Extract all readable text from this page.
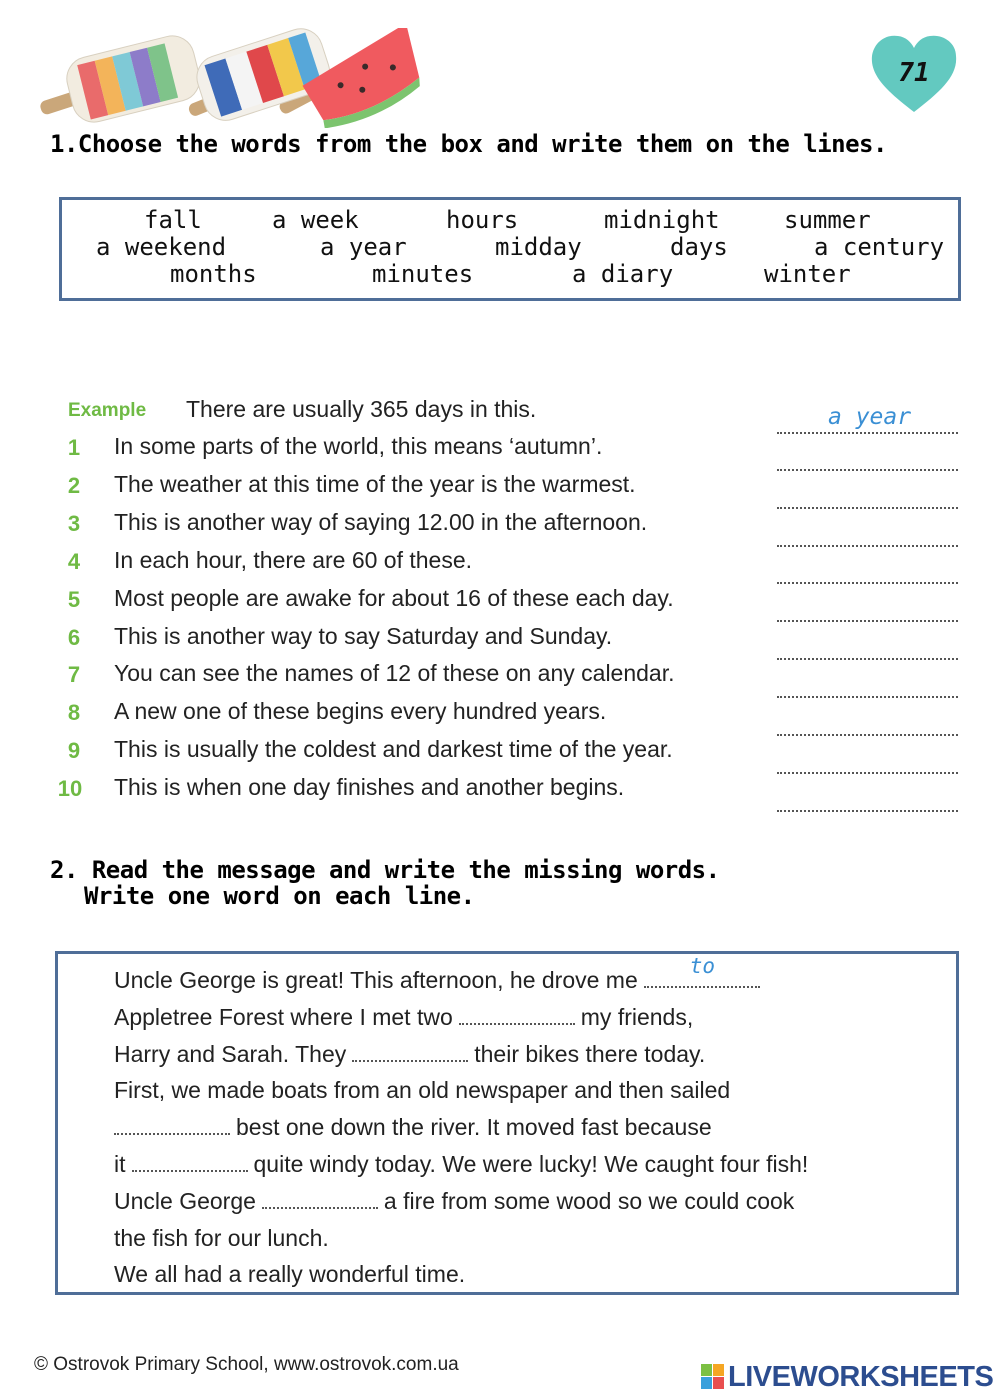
71
1.Choose the words from the box and write them on the lines.
fall	a week	hours	midnight	summer
a weekend	a year	midday	days	a century
months	minutes	a diary	winter
Example There are usually 365 days in this.	a year
1	In some parts of the world, this means ‘autumn’.
2	The weather at this time of the year is the warmest.
3	This is another way of saying 12.00 in the afternoon.
4	In each hour, there are 60 of these.
5	Most people are awake for about 16 of these each day.
6	This is another way to say Saturday and Sunday.
7	You can see the names of 12 of these on any calendar.
8	A new one of these begins every hundred years.
9	This is usually the coldest and darkest time of the year.
10	This is when one day finishes and another begins.
2. Read the message and write the missing words.
Write one word on each line.
Uncle George is great! This afternoon, he drove me
to
Appletree Forest where I met two	my friends,
Harry and Sarah. They	their bikes there today.
First, we made boats from an old newspaper and then sailed
best one down the river. It moved fast because
it	quite windy today. We were lucky! We caught four fish!
Uncle George	a fire from some wood so we could cook
the fish for our lunch.
We all had a really wonderful time.
© Ostrovok Primary School, www.ostrovok.com.ua	LIVEWORKSHEETS
